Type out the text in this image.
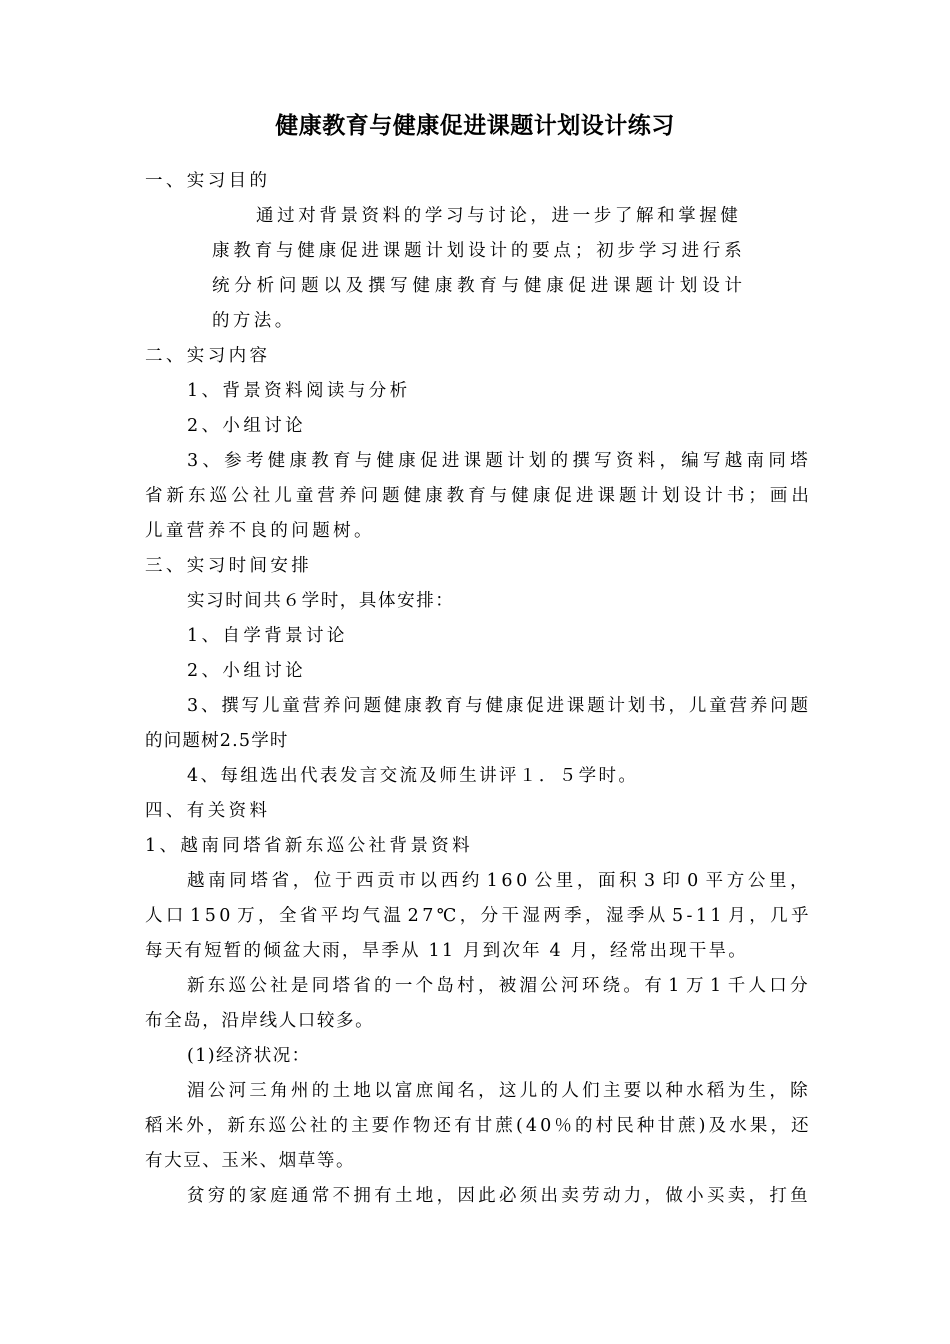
健康教育与健康促进课题计划设计练习
一、实习目的
通 过 对 背 景 资 料 的 学 习 与 讨 论 ， 进 一 步 了 解 和 掌 握 健
康 教 育 与 健 康 促 进 课 题 计 划 设 计 的 要 点 ； 初 步 学 习 进 行 系
统 分 析 问 题 以 及 撰 写 健 康 教 育 与 健 康 促 进 课 题 计 划 设 计
的方法。
二、实习内容
1、背景资料阅读与分析
2、小组讨论
3 、 参 考 健 康 教 育 与 健 康 促 进 课 题 计 划 的 撰 写 资 料 ， 编 写 越 南 同 塔
省 新 东 巡 公 社 儿 童 营 养 问 题 健 康 教 育 与 健 康 促 进 课 题 计 划 设 计 书 ； 画 出
儿童营养不良的问题树。
三、实习时间安排
实习时间共６学时，具体安排：
1、自学背景讨论
2、小组讨论
3 、 撰 写 儿 童 营 养 问 题 健 康 教 育 与 健 康 促 进 课 题 计 划 书 ， 儿 童 营 养 问 题
的问题树2.5学时
4、每组选出代表发言交流及师生讲评１．５学时。
四、有关资料
1、越南同塔省新东巡公社背景资料
越 南 同 塔 省 ， 位 于 西 贡 市 以 西 约 1 6 0 公 里 ， 面 积 3 印 0 平 方 公 里 ，
人 口 1 5 0 万 ， 全 省 平 均 气 温 2 7 ℃ ， 分 干 湿 两 季 ， 湿 季 从 5 - 1 1 月 ， 几 乎
每天有短暂的倾盆大雨，旱季从 11 月到次年 4 月，经常出现干旱。
新 东 巡 公 社 是 同 塔 省 的 一 个 岛 村 ， 被 湄 公 河 环 绕 。 有 1 万 1 千 人 口 分
布全岛，沿岸线人口较多。
(1)经济状况：
湄 公 河 三 角 州 的 土 地 以 富 庶 闻 名 ， 这 儿 的 人 们 主 要 以 种 水 稻 为 生 ， 除
稻 米 外 ， 新 东 巡 公 社 的 主 要 作 物 还 有 甘 蔗 ( 4 0 ％ 的 村 民 种 甘 蔗 ) 及 水 果 ， 还
有大豆、玉米、烟草等。
贫 穷 的 家 庭 通 常 不 拥 有 土 地 ， 因 此 必 须 出 卖 劳 动 力 ， 做 小 买 卖 ， 打 鱼
